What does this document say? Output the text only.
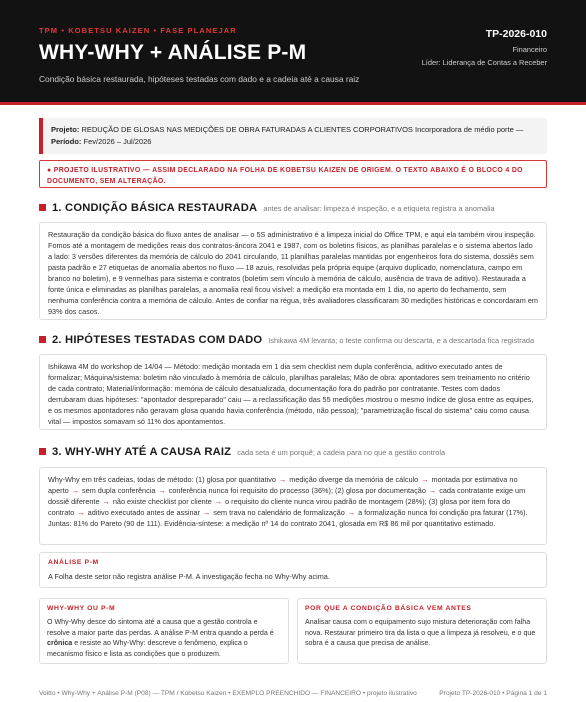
TPM • KOBETSU KAIZEN • FASE PLANEJAR
WHY-WHY + ANÁLISE P-M
Condição básica restaurada, hipóteses testadas com dado e a cadeia até a causa raiz
TP-2026-010
Financeiro
Líder: Liderança de Contas a Receber
Projeto: REDUÇÃO DE GLOSAS NAS MEDIÇÕES DE OBRA FATURADAS A CLIENTES CORPORATIVOS Incorporadora de médio porte —
Período: Fev/2026 – Jul/2026
● PROJETO ILUSTRATIVO — ASSIM DECLARADO NA FOLHA DE KOBETSU KAIZEN DE ORIGEM. O TEXTO ABAIXO É O BLOCO 4 DO DOCUMENTO, SEM ALTERAÇÃO.
1. CONDIÇÃO BÁSICA RESTAURADA antes de analisar: limpeza é inspeção, e a etiqueta registra a anomalia
Restauração da condição básica do fluxo antes de analisar — o 5S administrativo é a limpeza inicial do Office TPM, e aqui ela também virou inspeção. Fomos até a montagem de medições reais dos contratos-âncora 2041 e 1987, com os boletins físicos, as planilhas paralelas e o sistema abertos lado a lado: 3 versões diferentes da memória de cálculo do 2041 circulando, 11 planilhas paralelas mantidas por engenheiros fora do sistema, dossiês sem pasta padrão e 27 etiquetas de anomalia abertos no fluxo — 18 azuis, resolvidas pela própria equipe (arquivo duplicado, nomenclatura, campo em branco no boletim), e 9 vermelhas para sistema e contratos (boletim sem vínculo à memória de cálculo, ausência de trava de aditivo). Restaurada a fonte única e eliminadas as planilhas paralelas, a anomalia real ficou visível: a medição era montada em 1 dia, no aperto do fechamento, sem nenhuma conferência contra a memória de cálculo. Antes de confiar na régua, três avaliadores classificaram 30 medições históricas e concordaram em 93% dos casos.
2. HIPÓTESES TESTADAS COM DADO Ishikawa 4M levanta; o teste confirma ou descarta, e a descartada fica registrada
Ishikawa 4M do workshop de 14/04 — Método: medição montada em 1 dia sem checklist nem dupla conferência, aditivo executado antes de formalizar; Máquina/sistema: boletim não vinculado à memória de cálculo, planilhas paralelas; Mão de obra: apontadores sem treinamento no critério de cada contrato; Material/informação: memória de cálculo desatualizada, documentação fora do padrão por contratante. Testes com dados derrubaram duas hipóteses: "apontador despreparado" caiu — a reclassificação das 55 medições mostrou o mesmo índice de glosa entre as equipes, e os mesmos apontadores não geravam glosa quando havia conferência (método, não pessoa); "parametrização fiscal do sistema" caiu como causa vital — impostos somavam só 11% dos apontamentos.
3. WHY-WHY ATÉ A CAUSA RAIZ cada seta é um porquê; a cadeia para no que a gestão controla
Why-Why em três cadeias, todas de método: (1) glosa por quantitativo → medição diverge da memória de cálculo → montada por estimativa no aperto → sem dupla conferência → conferência nunca foi requisito do processo (36%); (2) glosa por documentação → cada contratante exige um dossiê diferente → não existe checklist por cliente → o requisito do cliente nunca virou padrão de montagem (28%); (3) glosa por item fora do contrato → aditivo executado antes de assinar → sem trava no calendário de formalização → a formalização nunca foi condição pra faturar (17%). Juntas: 81% do Pareto (90 de 111). Evidência-síntese: a medição nº 14 do contrato 2041, glosada em R$ 86 mil por quantitativo estimado.
ANÁLISE P-M
A Folha deste setor não registra análise P-M. A investigação fecha no Why-Why acima.
WHY-WHY OU P-M
O Why-Why desce do sintoma até a causa que a gestão controla e resolve a maior parte das perdas. A análise P-M entra quando a perda é crônica e resiste ao Why-Why: descreve o fenômeno, explica o mecanismo físico e lista as condições que o produzem.
POR QUE A CONDIÇÃO BÁSICA VEM ANTES
Analisar causa com o equipamento sujo mistura deterioração com falha nova. Restaurar primeiro tira da lista o que a limpeza já resolveu, e o que sobra é a causa que precisa de análise.
Voitto • Why-Why + Análise P-M (P08) — TPM / Kobetsu Kaizen • EXEMPLO PREENCHIDO — FINANCEIRO • projeto ilustrativo	Projeto TP-2026-010 • Página 1 de 1
